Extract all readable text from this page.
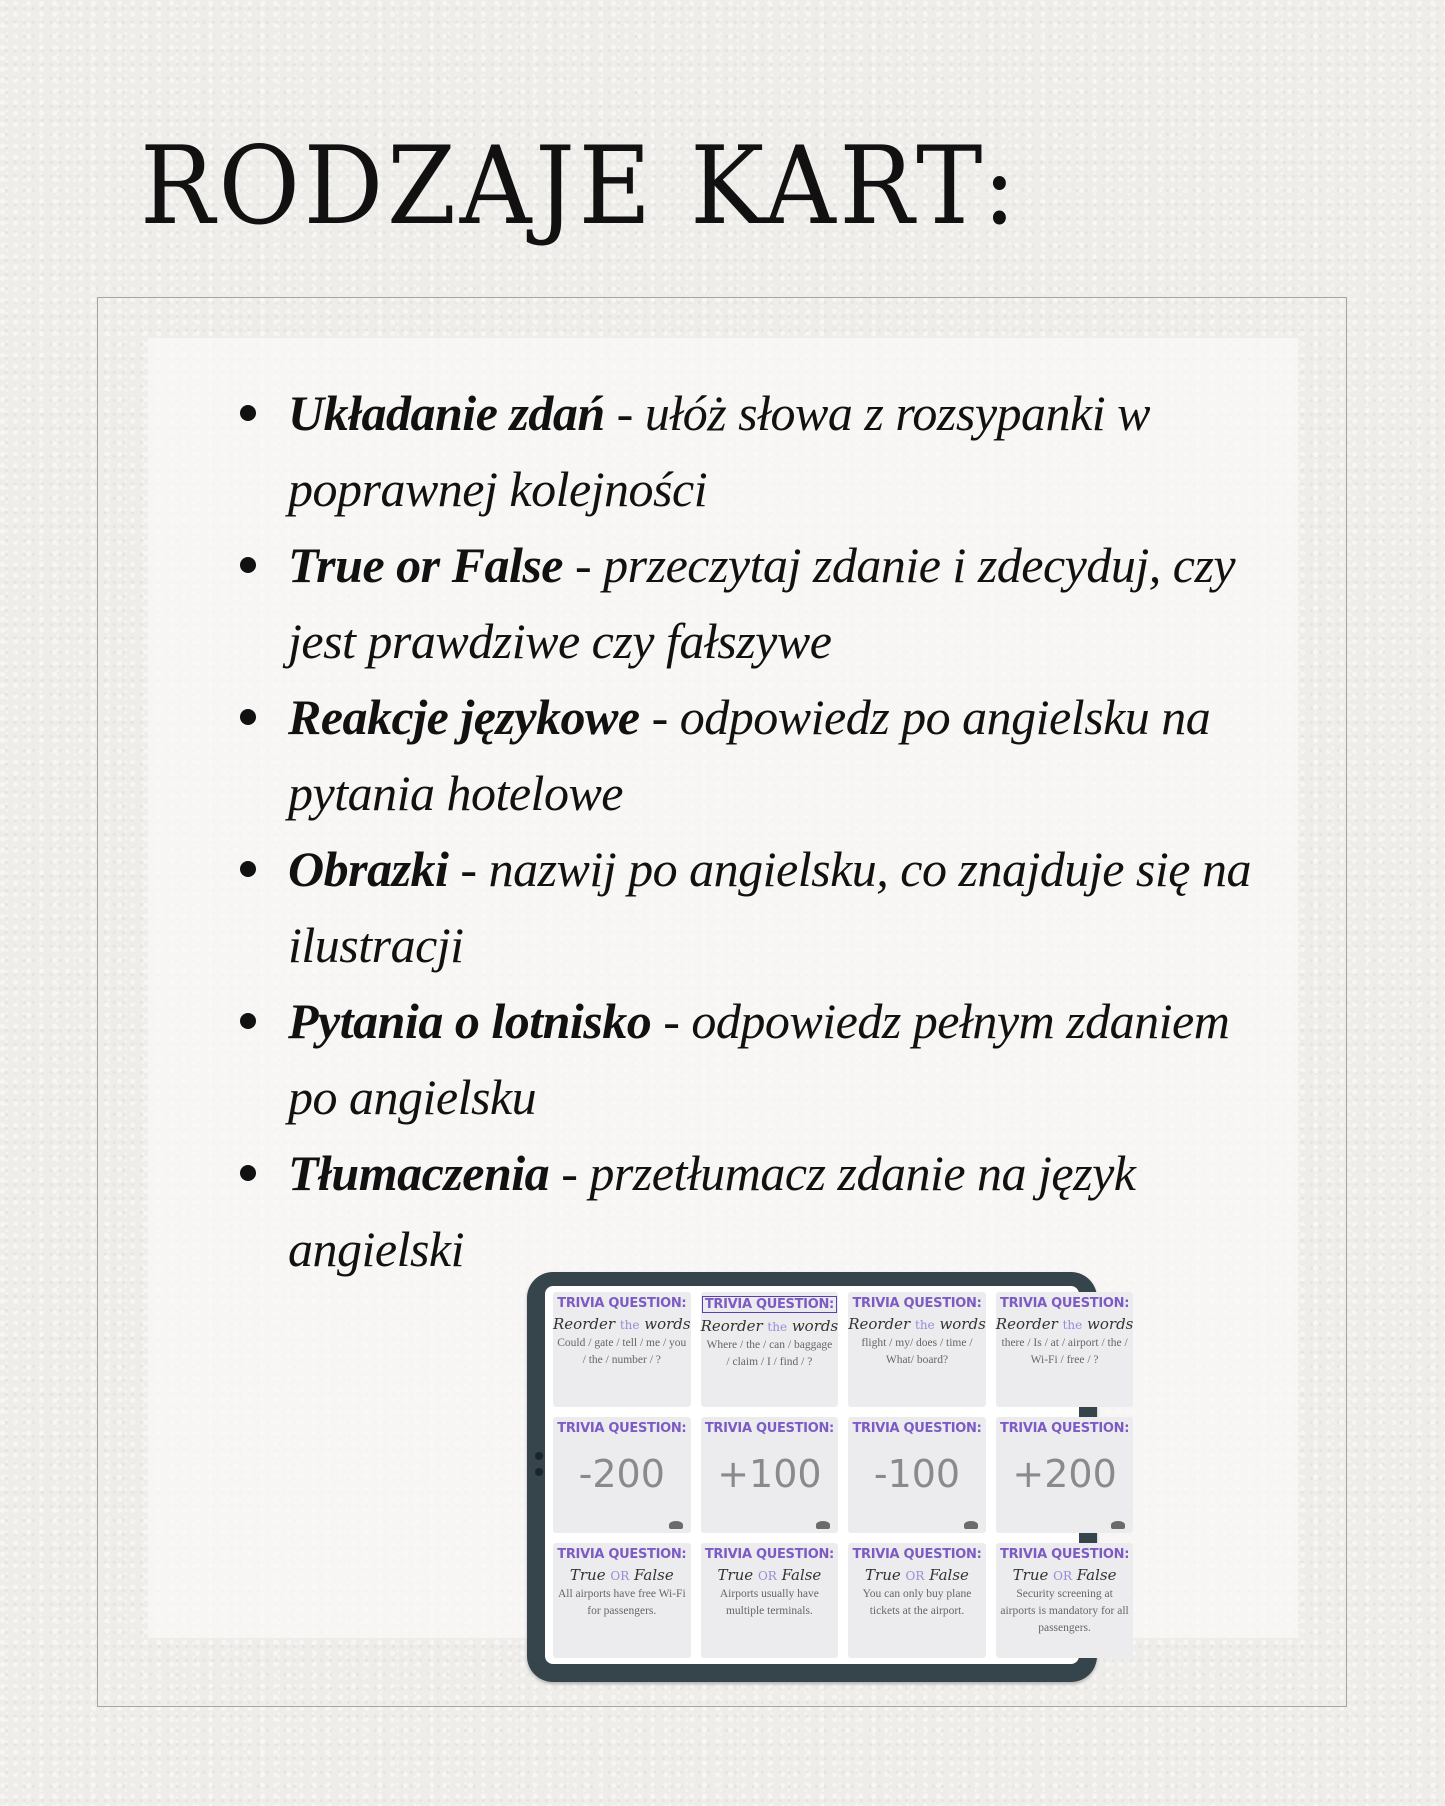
RODZAJE KART:
Układanie zdań - ułóż słowa z rozsypanki w poprawnej kolejności
True or False - przeczytaj zdanie i zdecyduj, czy jest prawdziwe czy fałszywe
Reakcje językowe - odpowiedz po angielsku na pytania hotelowe
Obrazki - nazwij po angielsku, co znajduje się na ilustracji
Pytania o lotnisko - odpowiedz pełnym zdaniem po angielsku
Tłumaczenia - przetłumacz zdanie na język angielski
TRIVIA QUESTION:
Reorder the words
Could / gate / tell / me / you / the / number / ?
TRIVIA QUESTION:
Reorder the words
Where / the / can / baggage / claim / I / find / ?
TRIVIA QUESTION:
Reorder the words
flight / my/ does / time / What/ board?
TRIVIA QUESTION:
Reorder the words
there / Is / at / airport / the / Wi-Fi / free / ?
TRIVIA QUESTION:
-200
TRIVIA QUESTION:
+100
TRIVIA QUESTION:
-100
TRIVIA QUESTION:
+200
TRIVIA QUESTION:
True OR False
All airports have free Wi-Fi for passengers.
TRIVIA QUESTION:
True OR False
Airports usually have multiple terminals.
TRIVIA QUESTION:
True OR False
You can only buy plane tickets at the airport.
TRIVIA QUESTION:
True OR False
Security screening at airports is mandatory for all passengers.
